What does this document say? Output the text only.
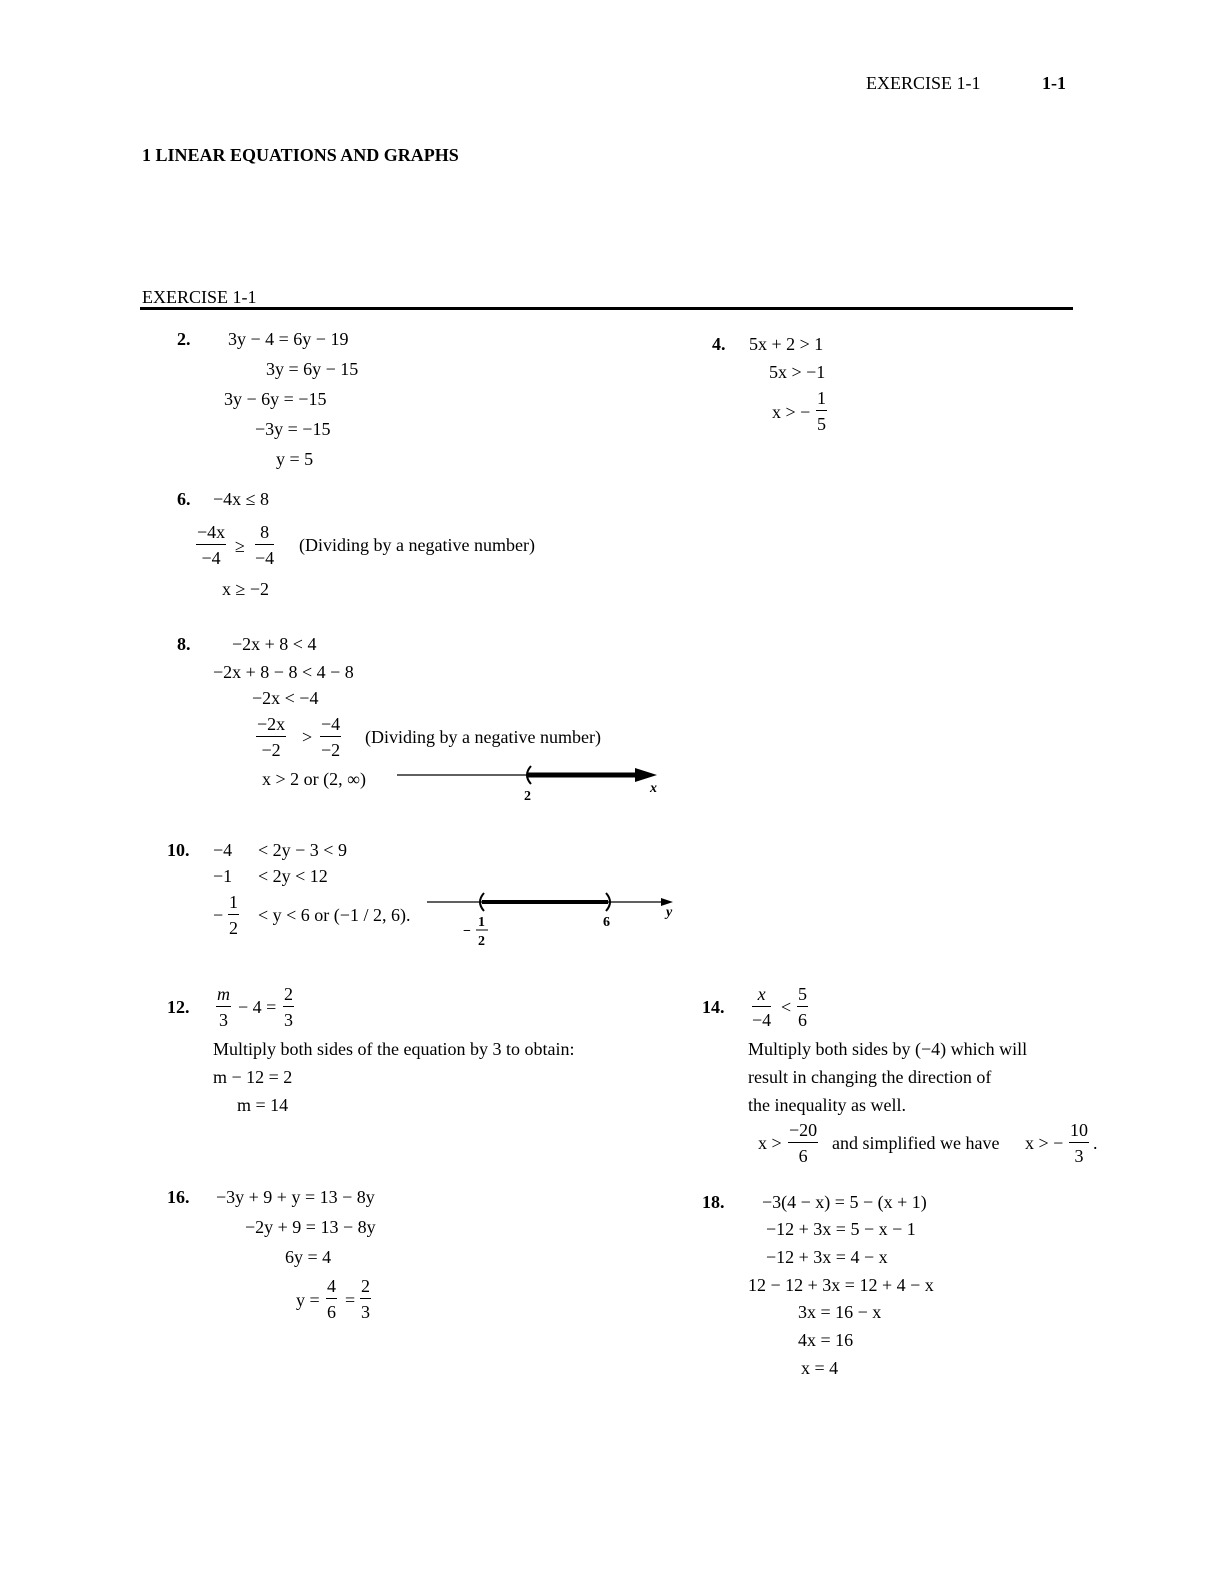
EXERCISE 1-1	1-1
1 LINEAR EQUATIONS AND GRAPHS
EXERCISE 1-1
2. 3y − 4 = 6y − 19
3y = 6y − 15
3y − 6y = −15
−3y = −15
y = 5
4. 5x + 2 > 1
5x > −1
x > − $\frac{1}{5}$
6. −4x ≤ 8
$\frac{-4x}{-4} \ge \frac{8}{-4}$ (Dividing by a negative number)
x ≥ −2
8. −2x + 8 < 4
−2x + 8 − 8 < 4 − 8
−2x < −4
$\frac{-2x}{-2} > \frac{-4}{-2}$ (Dividing by a negative number)
x > 2 or (2, ∞)
2
x
10. −4 < 2y − 3 < 9
−1 < 2y < 12
− $\frac{1}{2} < y < 6$ or (−1 / 2, 6).
−
1
2
6
y
12. $\frac{m}{3} - 4 = \frac{2}{3}$
Multiply both sides of the equation by 3 to obtain:
m − 12 = 2
m = 14
14. $\frac{x}{-4} < \frac{5}{6}$
Multiply both sides by (−4) which will
result in changing the direction of
the inequality as well.
$x > \frac{-20}{6}$ and simplified we have x > − $\frac{10}{3}$ .
16. −3y + 9 + y = 13 − 8y
−2y + 9 = 13 − 8y
6y = 4
$y = \frac{4}{6} = \frac{2}{3}$
18. −3(4 − x) = 5 − (x + 1)
−12 + 3x = 5 − x − 1
−12 + 3x = 4 − x
12 − 12 + 3x = 12 + 4 − x
3x = 16 − x
4x = 16
x = 4
